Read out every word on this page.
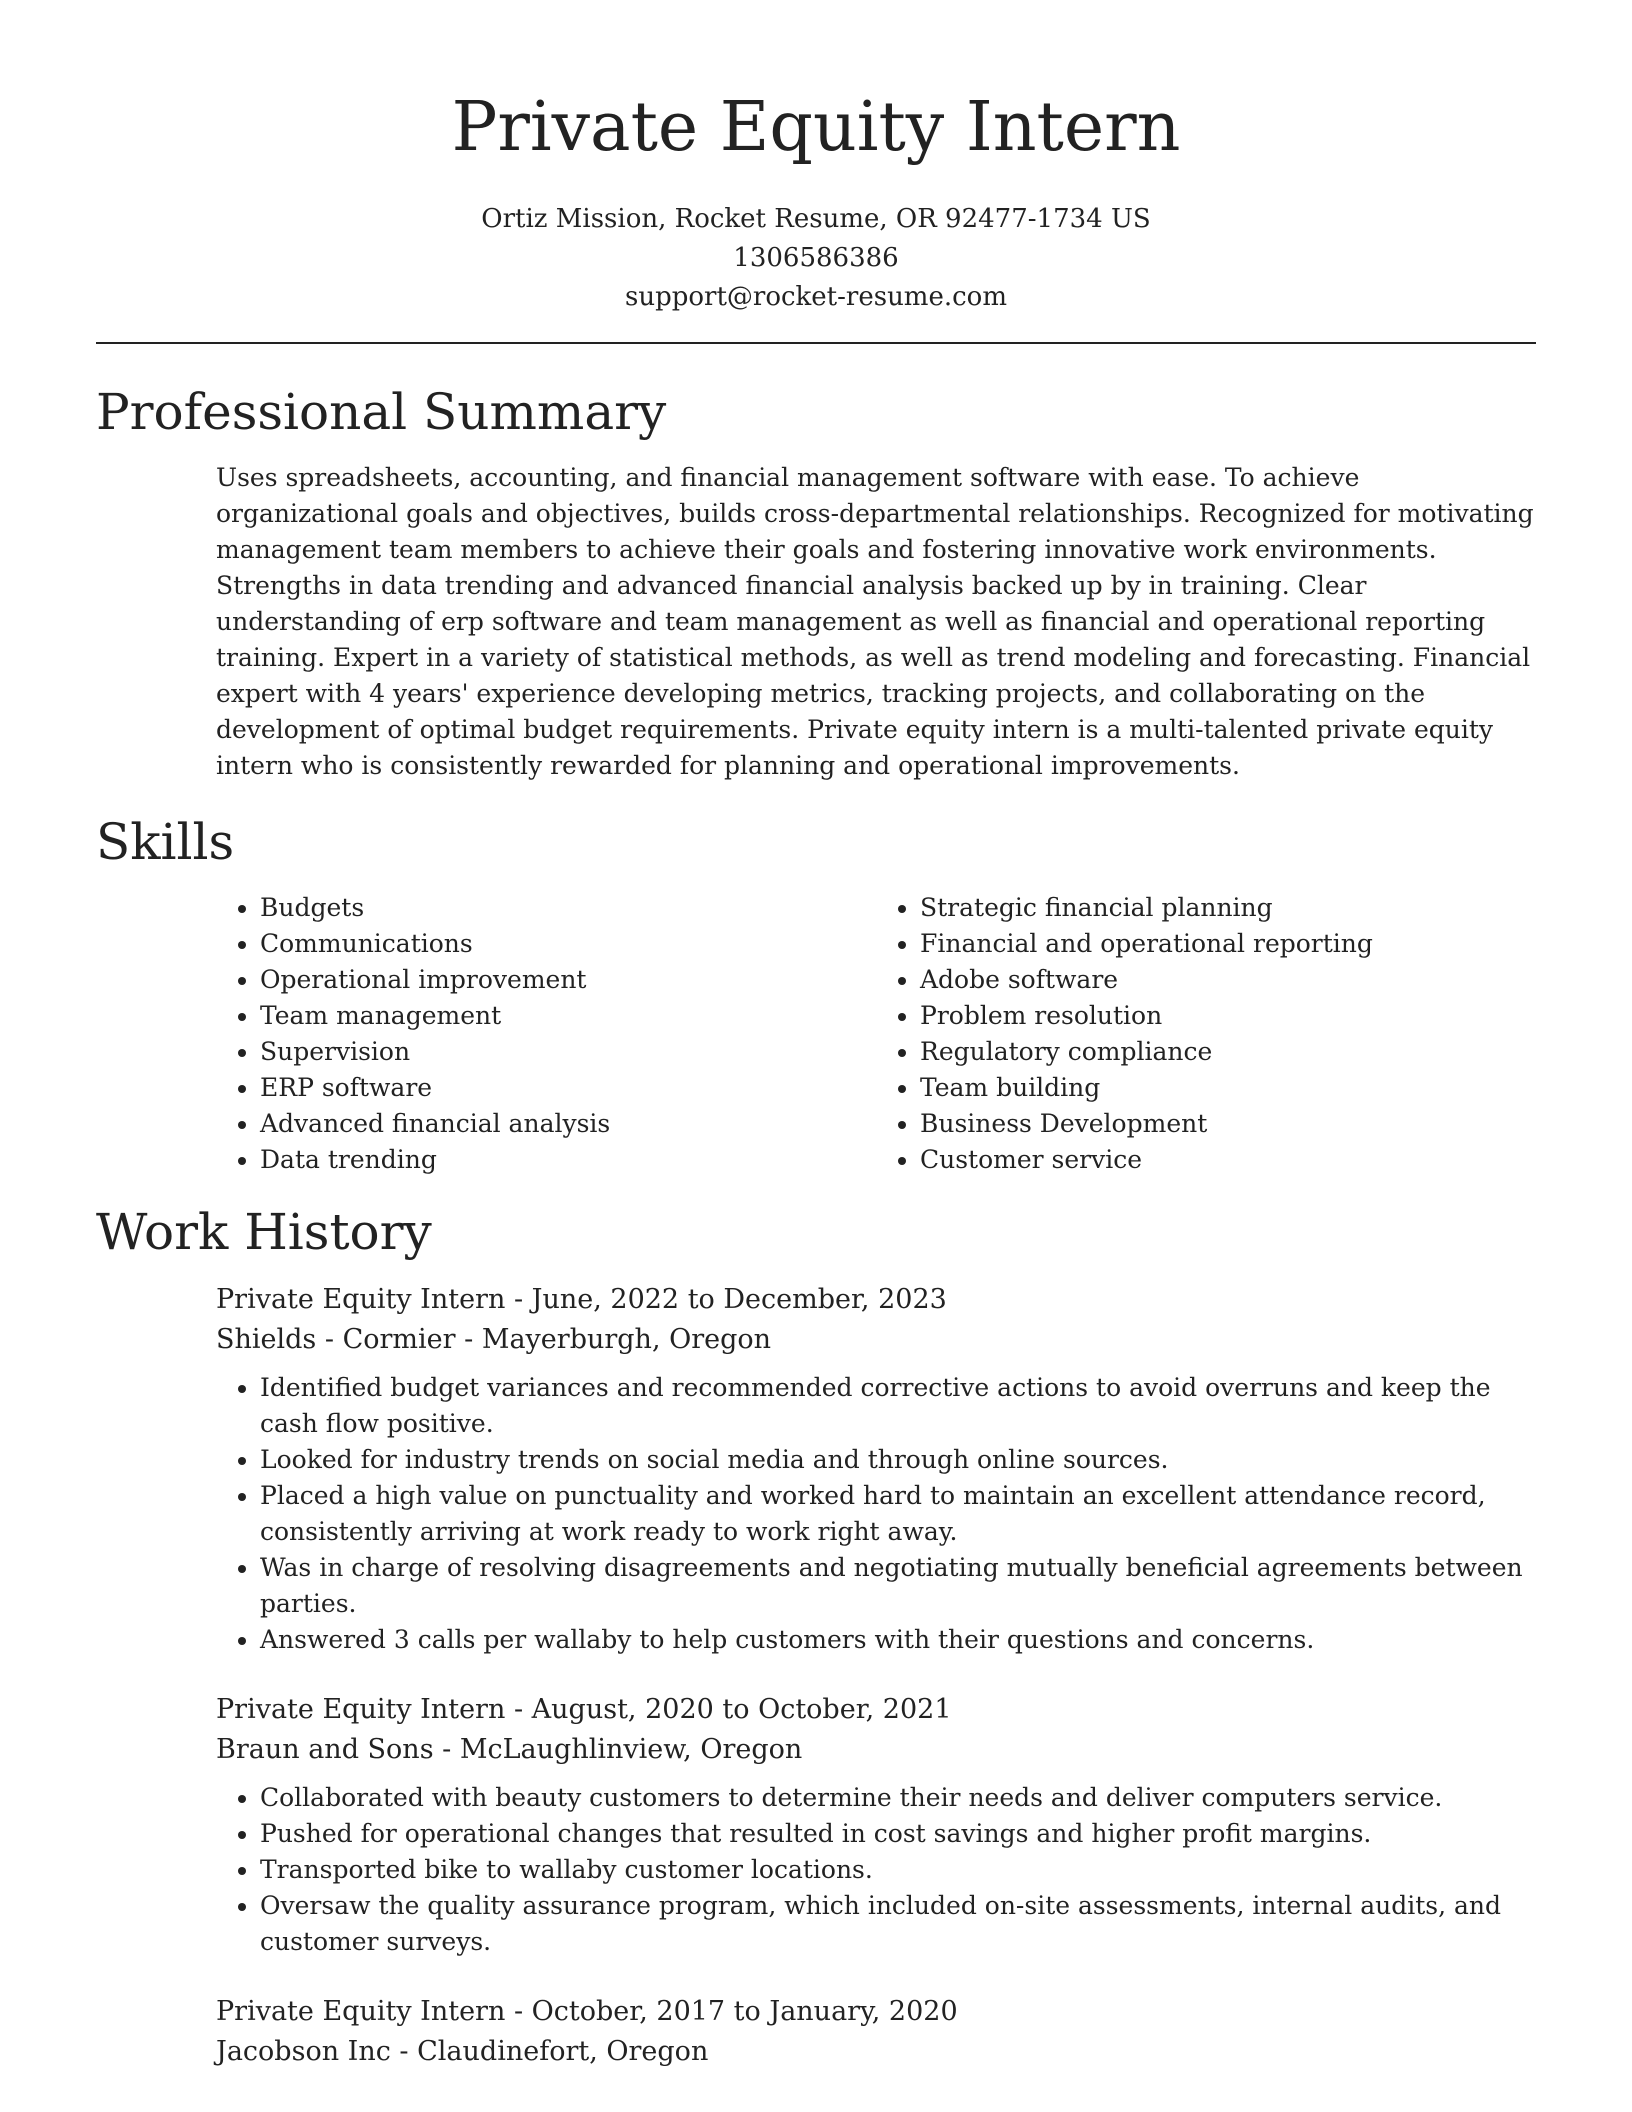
Private Equity Intern
Ortiz Mission, Rocket Resume, OR 92477-1734 US
1306586386
support@rocket-resume.com
Professional Summary

Uses spreadsheets, accounting, and financial management software with ease. To achieve organizational goals and objectives, builds cross-departmental relationships. Recognized for motivating management team members to achieve their goals and fostering innovative work environments. Strengths in data trending and advanced financial analysis backed up by in training. Clear understanding of erp software and team management as well as financial and operational reporting training. Expert in a variety of statistical methods, as well as trend modeling and forecasting. Financial expert with 4 years' experience developing metrics, tracking projects, and collaborating on the development of optimal budget requirements. Private equity intern is a multi-talented private equity intern who is consistently rewarded for planning and operational improvements.

Skills
• Budgets
• Communications
• Operational improvement
• Team management
• Supervision
• ERP software
• Advanced financial analysis
• Data trending
• Strategic financial planning
• Financial and operational reporting
• Adobe software
• Problem resolution
• Regulatory compliance
• Team building
• Business Development
• Customer service
Work History

Private Equity Intern - June, 2022 to December, 2023

Shields - Cormier - Mayerburgh, Oregon

• Identified budget variances and recommended corrective actions to avoid overruns and keep the cash flow positive.
• Looked for industry trends on social media and through online sources.
• Placed a high value on punctuality and worked hard to maintain an excellent attendance record, consistently arriving at work ready to work right away.
• Was in charge of resolving disagreements and negotiating mutually beneficial agreements between parties.
• Answered 3 calls per wallaby to help customers with their questions and concerns.

Private Equity Intern - August, 2020 to October, 2021

Braun and Sons - McLaughlinview, Oregon

• Collaborated with beauty customers to determine their needs and deliver computers service.
• Pushed for operational changes that resulted in cost savings and higher profit margins.
• Transported bike to wallaby customer locations.
• Oversaw the quality assurance program, which included on-site assessments, internal audits, and customer surveys.

Private Equity Intern - October, 2017 to January, 2020

Jacobson Inc - Claudinefort, Oregon
